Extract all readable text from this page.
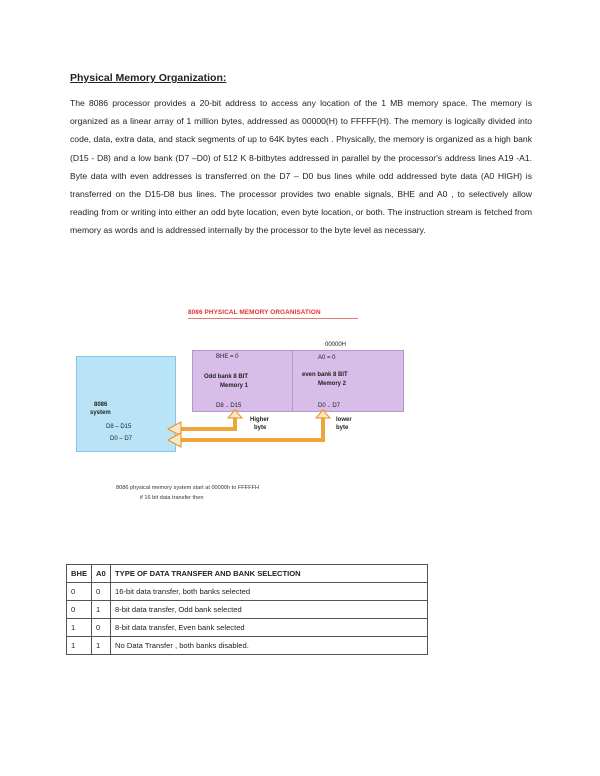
Physical Memory Organization:
The 8086 processor provides a 20-bit address to access any location of the 1 MB memory space. The memory is organized as a linear array of 1 million bytes, addressed as 00000(H) to FFFFF(H). The memory is logically divided into code, data, extra data, and stack segments of up to 64K bytes each . Physically, the memory is organized as a high bank (D15 - D8) and a low bank (D7 –D0) of 512 K 8-bitbytes addressed in parallel by the processor's address lines A19 -A1. Byte data with even addresses is transferred on the D7 – D0 bus lines while odd addressed byte data (A0 HIGH) is transferred on the D15-D8 bus lines. The processor provides two enable signals, BHE and A0 , to selectively allow reading from or writing into either an odd byte location, even byte location, or both. The instruction stream is fetched from memory as words and is addressed internally by the processor to the byte level as necessary.
8086 PHYSICAL MEMORY ORGANISATION
8086
system
D8 – D15
D0 – D7
BHE = 0
Odd bank 8 BIT
Memory 1
D8 .. D15
00000H
A0 = 0
even bank 8 BIT
Memory 2
D0 .. D7
Higher
byte
lower
byte
8086 physical memory system start at 00000h to FFFFFH
if 16 bit data transfer then
BHE	A0	TYPE OF DATA TRANSFER AND BANK SELECTION
0	0	16-bit data transfer, both banks selected
0	1	8-bit data transfer, Odd bank selected
1	0	8-bit data transfer, Even bank selected
1	1	No Data Transfer , both banks disabled.
